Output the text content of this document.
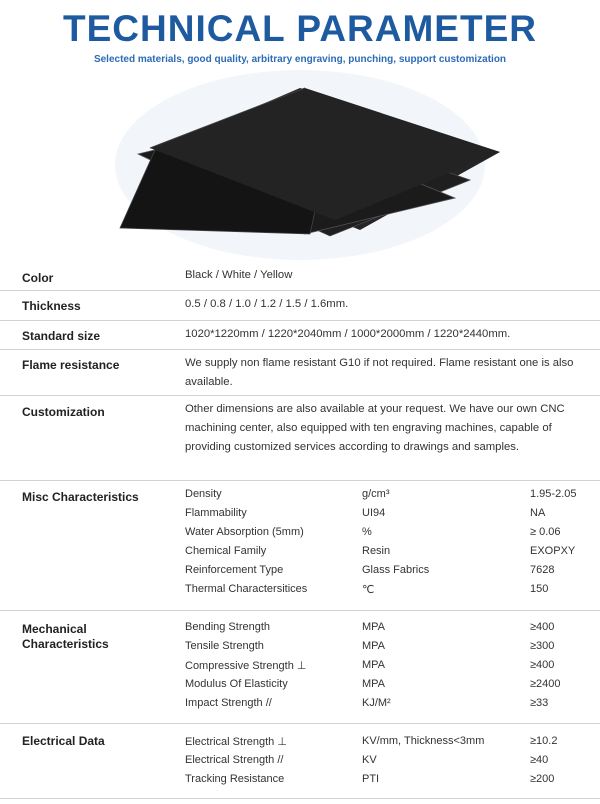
TECHNICAL PARAMETER
Selected materials, good quality, arbitrary engraving, punching, support customization
Color	Black / White / Yellow
Thickness	0.5 / 0.8 / 1.0 / 1.2 / 1.5 / 1.6mm.
Standard size	1020*1220mm / 1220*2040mm / 1000*2000mm / 1220*2440mm.
Flame resistance	We supply non flame resistant G10 if not required. Flame resistant one is also available.
Customization	Other dimensions are also available at your request. We have our own CNC machining center, also equipped with ten engraving machines, capable of providing customized services according to drawings and samples.
Misc Characteristics	Density	g/cm³	1.95-2.05
Flammability	UI94	NA
Water Absorption (5mm)	%	≥ 0.06
Chemical Family	Resin	EXOPXY
Reinforcement Type	Glass Fabrics	7628
Thermal Charactersitices	℃	150
Mechanical
Characteristics
Bending Strength	MPA	≥400
Tensile Strength	MPA	≥300
Compressive Strength ⊥	MPA	≥400
Modulus Of Elasticity	MPA	≥2400
Impact Strength //	KJ/M²	≥33
Electrical Data	Electrical Strength ⊥	KV/mm, Thickness<3mm	≥10.2
Electrical Strength //	KV	≥40
Tracking Resistance	PTI	≥200
